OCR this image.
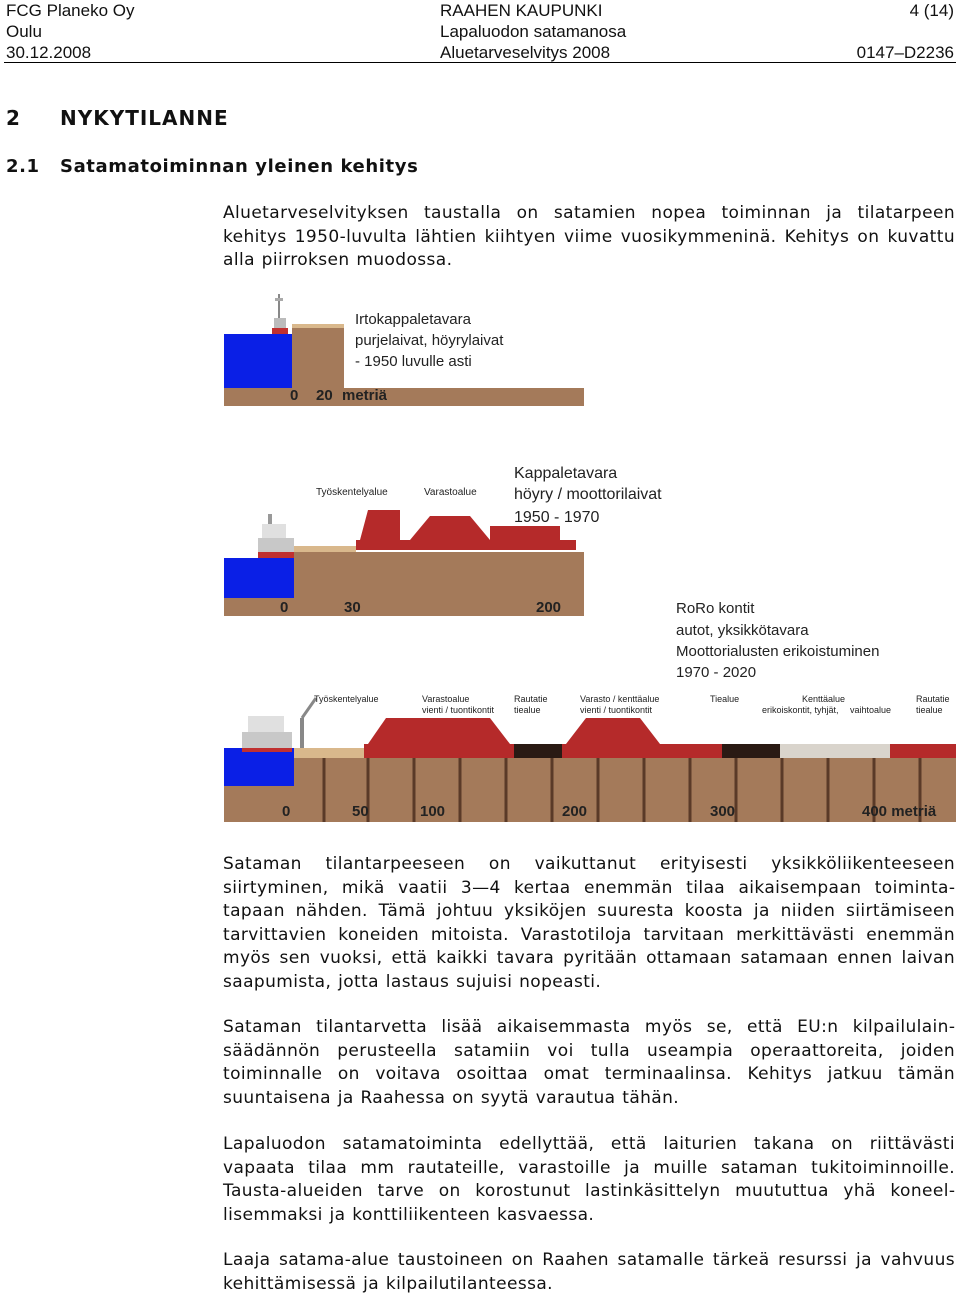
FCG Planeko Oy
Oulu
30.12.2008
RAAHEN KAUPUNKI
Lapaluodon satamanosa
Aluetarveselvitys 2008
4 (14)
0147–D2236
2 NYKYTILANNE
2.1 Satamatoiminnan yleinen kehitys

Aluetarveselvityksen taustalla on satamien nopea toiminnan ja tilatarpeen kehitys 1950-luvulta lähtien kiihtyen viime vuosikymmeninä. Kehitys on kuvattu alla piirroksen muodossa.

Irtokappaletavara
purjelaivat, höyrylaivat
- 1950 luvulle asti
0 20 metriä
Työskentelyalue	Varastoalue
Kappaletavara
höyry / moottorilaivat
1950 - 1970
0	30	200	RoRo kontit
autot, yksikkötavara
Moottorialusten erikoistuminen
1970 - 2020
Työskentelyalue	Varastoalue
vienti / tuontikontit
Rautatie
tiealue
Varasto / kenttäalue
vienti / tuontikontit
Tiealue	Kenttäalue
erikoiskontit, tyhjät, vaihtoalue
Rautatie
tiealue
0	50	100	200	300	400 metriä

Sataman tilantarpeeseen on vaikuttanut erityisesti yksikköliikenteeseen siirtyminen, mikä vaatii 3—4 kertaa enemmän tilaa aikaisempaan toimintatapaan nähden. Tämä johtuu yksiköjen suuresta koosta ja niiden siirtämiseen tarvittavien koneiden mitoista. Varastotiloja tarvitaan merkittävästi enemmän myös sen vuoksi, että kaikki tavara pyritään ottamaan satamaan ennen laivan saapumista, jotta lastaus sujuisi nopeasti.

Sataman tilantarvetta lisää aikaisemmasta myös se, että EU:n kilpailulainsäädännön perusteella satamiin voi tulla useampia operaattoreita, joiden toiminnalle on voitava osoittaa omat terminaalinsa. Kehitys jatkuu tämän suuntaisena ja Raahessa on syytä varautua tähän.

Lapaluodon satamatoiminta edellyttää, että laiturien takana on riittävästi vapaata tilaa mm rautateille, varastoille ja muille sataman tukitoiminnoille. Tausta-alueiden tarve on korostunut lastinkäsittelyn muututtua yhä koneellisemmaksi ja konttiliikenteen kasvaessa.

Laaja satama-alue taustoineen on Raahen satamalle tärkeä resurssi ja vahvuus kehittämisessä ja kilpailutilanteessa.
